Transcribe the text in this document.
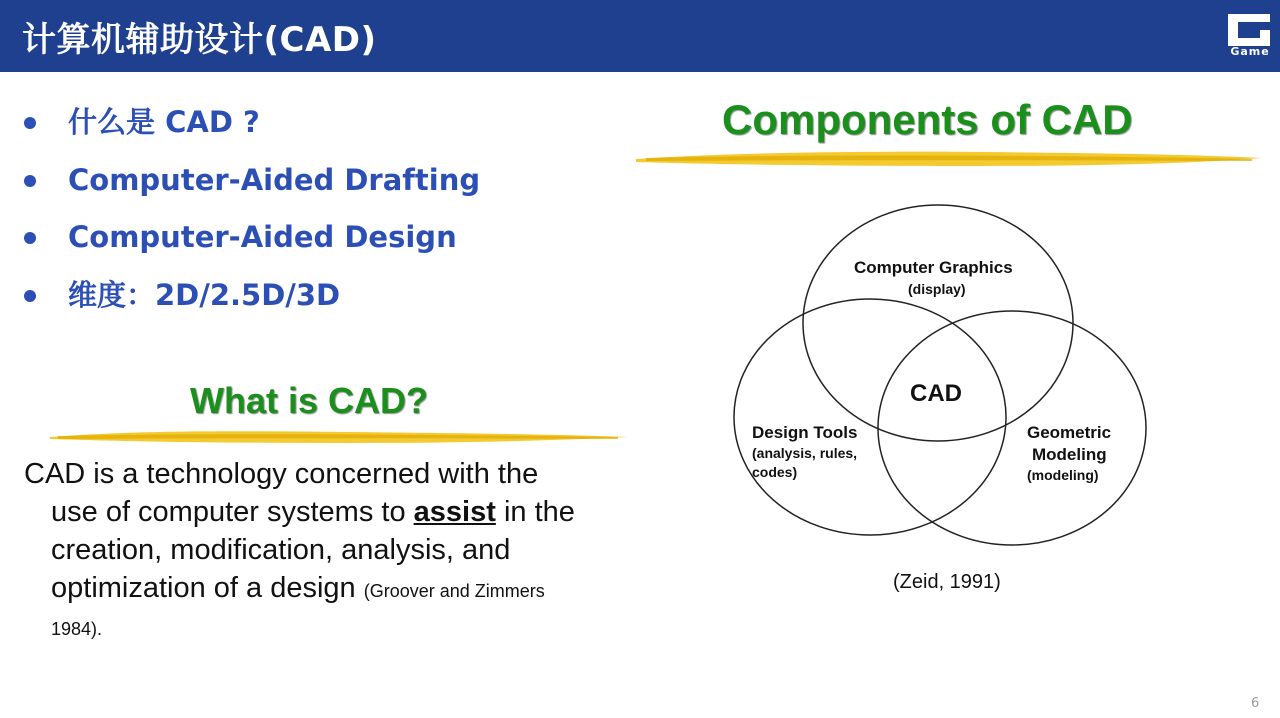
计算机辅助设计(CAD)	Game
什么是 CAD ?
Computer-Aided Drafting
Computer-Aided Design
维度：2D/2.5D/3D
What is CAD?
CAD is a technology concerned with the
use of computer systems to assist in the
creation, modification, analysis, and
optimization of a design (Groover and Zimmers
1984).
Components of CAD
Computer Graphics
(display)
CAD
Design Tools
(analysis, rules,
codes)
Geometric
Modeling
(modeling)
(Zeid, 1991)
6
